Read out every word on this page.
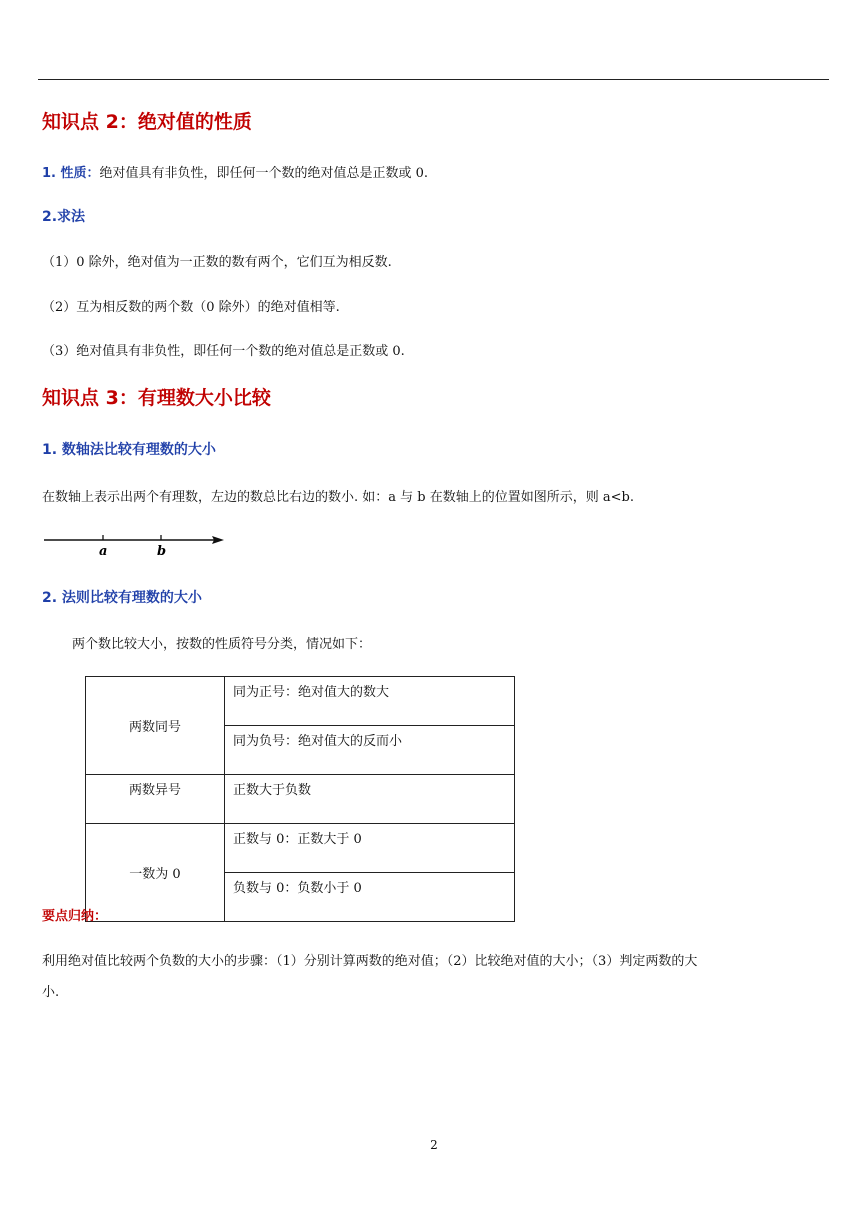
知识点 2：绝对值的性质
1. 性质：绝对值具有非负性，即任何一个数的绝对值总是正数或 0.
2.求法
（1）0 除外，绝对值为一正数的数有两个，它们互为相反数.
（2）互为相反数的两个数（0 除外）的绝对值相等.
（3）绝对值具有非负性，即任何一个数的绝对值总是正数或 0.
知识点 3：有理数大小比较
1. 数轴法比较有理数的大小
在数轴上表示出两个有理数，左边的数总比右边的数小. 如：a 与 b 在数轴上的位置如图所示，则 a<b.
a	b
2. 法则比较有理数的大小
两个数比较大小，按数的性质符号分类，情况如下：
两数同号	同为正号：绝对值大的数大
	同为负号：绝对值大的反而小
两数异号	正数大于负数
一数为 0	正数与 0：正数大于 0
	负数与 0：负数小于 0
要点归纳：
利用绝对值比较两个负数的大小的步骤：（1）分别计算两数的绝对值；（2）比较绝对值的大小；（3）判定两数的大
小.
2
